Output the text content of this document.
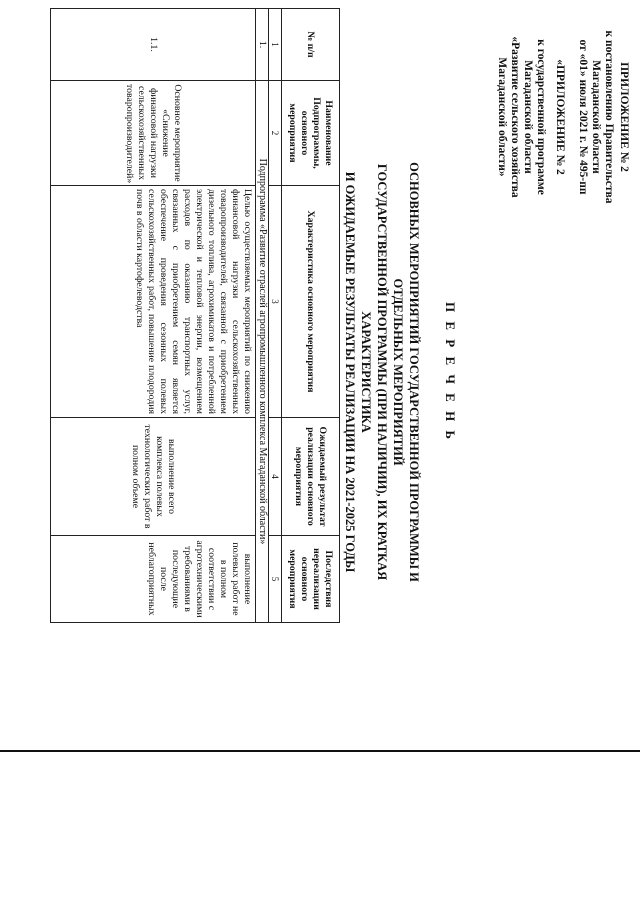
ПРИЛОЖЕНИЕ № 2
к постановлению Правительства
Магаданской области
от «01» июля 2021 г. № 495-пп
«ПРИЛОЖЕНИЕ № 2
к государственной программе
Магаданской области
«Развитие сельского хозяйства
Магаданской области»
П Е Р Е Ч Е Н Ь
ОСНОВНЫХ МЕРОПРИЯТИЙ ГОСУДАРСТВЕННОЙ ПРОГРАММЫ И ОТДЕЛЬНЫХ МЕРОПРИЯТИЙ
ГОСУДАРСТВЕННОЙ ПРОГРАММЫ (ПРИ НАЛИЧИИ), ИХ КРАТКАЯ ХАРАКТЕРИСТИКА
И ОЖИДАЕМЫЕ РЕЗУЛЬТАТЫ РЕАЛИЗАЦИИ НА 2021-2025 ГОДЫ
№ п/п	Наименование Подпрограммы, основного мероприятия	Характеристика основного мероприятия	Ожидаемый результат реализации основного мероприятия	Последствия нереализации основного мероприятия
1	2	3	4	5
1.	Подпрограмма «Развитие отраслей агропромышленного комплекса Магаданской области»			
1.1.	Основное мероприятие «Снижение финансовой нагрузки сельскохозяйственных товаропроизводителей»	Целью осуществляемых мероприятий по снижению финансовой нагрузки сельскохозяйственных товаропроизводителей, связанной с приобретением дизельного топлива, агрохимикатов и потребленной электрической и тепловой энергии, возмещением расходов по оказанию транспортных услуг, связанных с приобретением семян является обеспечение проведения сезонных полевых сельскохозяйственных работ, повышение плодородия почв в области картофелеводства	выполнение всего комплекса полевых технологических работ в полном объеме	выполнение полевых работ не в полном соответствии с агротехническими требованиями в последующие после неблагоприятных
